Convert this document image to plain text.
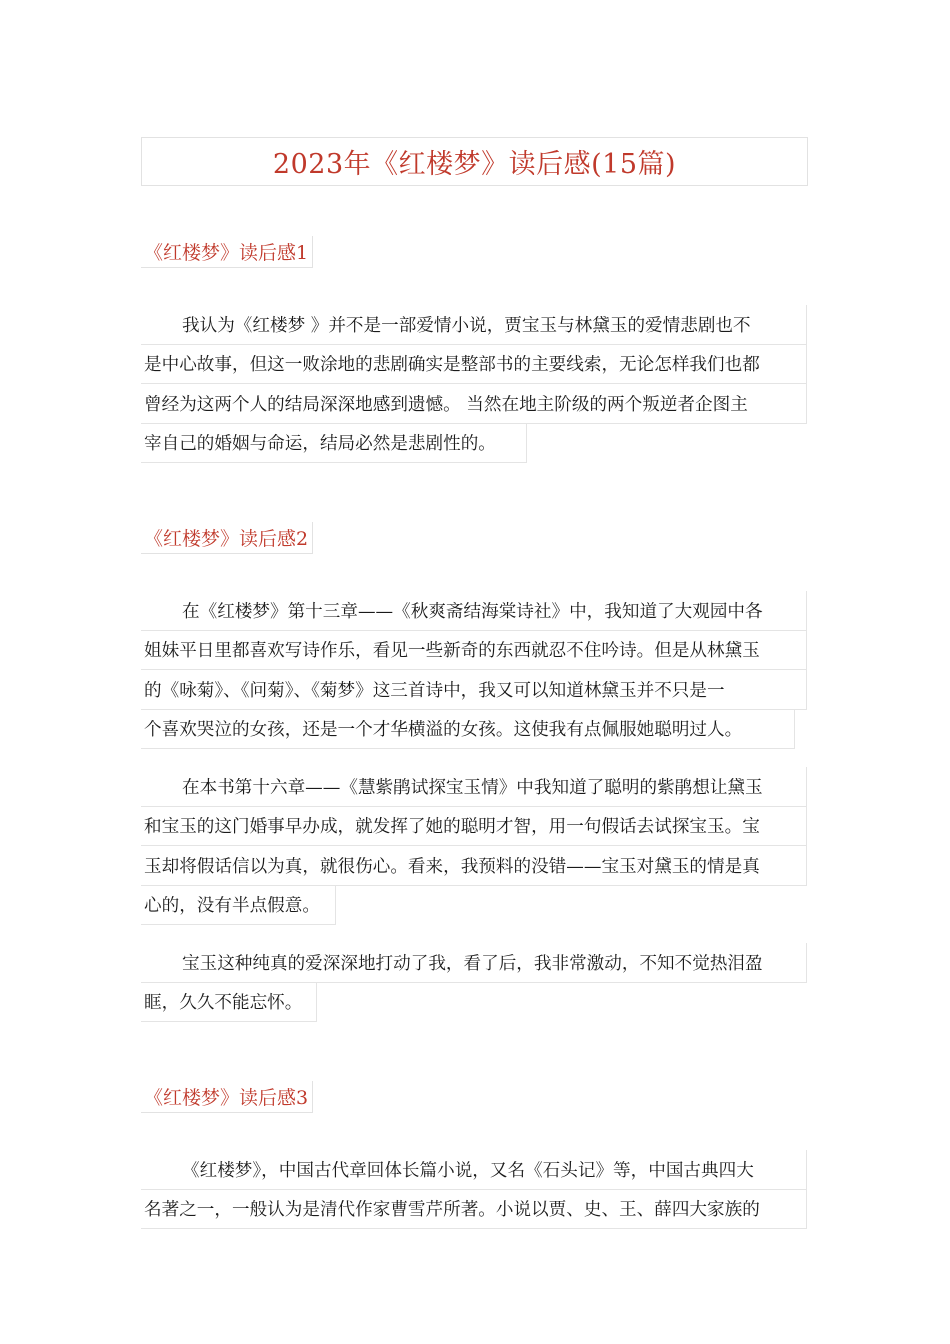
2023年《红楼梦》读后感(15篇)
《红楼梦》读后感1
我认为《红楼梦 》并不是一部爱情小说，贾宝玉与林黛玉的爱情悲剧也不
是中心故事，但这一败涂地的悲剧确实是整部书的主要线索，无论怎样我们也都
曾经为这两个人的结局深深地感到遗憾。 当然在地主阶级的两个叛逆者企图主
宰自己的婚姻与命运，结局必然是悲剧性的。
《红楼梦》读后感2
在《红楼梦》第十三章——《秋爽斋结海棠诗社》中，我知道了大观园中各
姐妹平日里都喜欢写诗作乐，看见一些新奇的东西就忍不住吟诗。但是从林黛玉
的《咏菊》、《问菊》、《菊梦》这三首诗中，我又可以知道林黛玉并不只是一
个喜欢哭泣的女孩，还是一个才华横溢的女孩。这使我有点佩服她聪明过人。
在本书第十六章——《慧紫鹃试探宝玉情》中我知道了聪明的紫鹃想让黛玉
和宝玉的这门婚事早办成，就发挥了她的聪明才智，用一句假话去试探宝玉。宝
玉却将假话信以为真，就很伤心。看来，我预料的没错——宝玉对黛玉的情是真
心的，没有半点假意。
宝玉这种纯真的爱深深地打动了我，看了后，我非常激动，不知不觉热泪盈
眶，久久不能忘怀。
《红楼梦》读后感3
《红楼梦》，中国古代章回体长篇小说，又名《石头记》等，中国古典四大
名著之一，一般认为是清代作家曹雪芹所著。小说以贾、史、王、薛四大家族的
